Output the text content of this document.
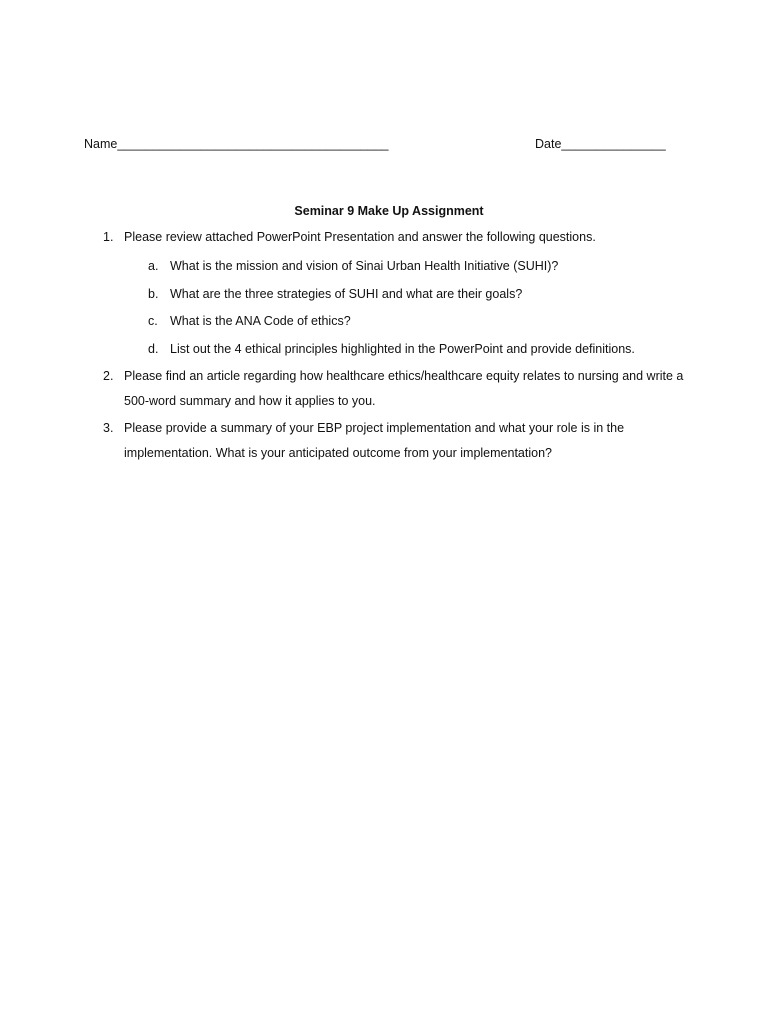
Name_______________________________________	Date_______________
Seminar 9 Make Up Assignment
1. Please review attached PowerPoint Presentation and answer the following questions.
a. What is the mission and vision of Sinai Urban Health Initiative (SUHI)?
b. What are the three strategies of SUHI and what are their goals?
c. What is the ANA Code of ethics?
d. List out the 4 ethical principles highlighted in the PowerPoint and provide definitions.
2. Please find an article regarding how healthcare ethics/healthcare equity relates to nursing and write a 500-word summary and how it applies to you.
3. Please provide a summary of your EBP project implementation and what your role is in the implementation. What is your anticipated outcome from your implementation?
